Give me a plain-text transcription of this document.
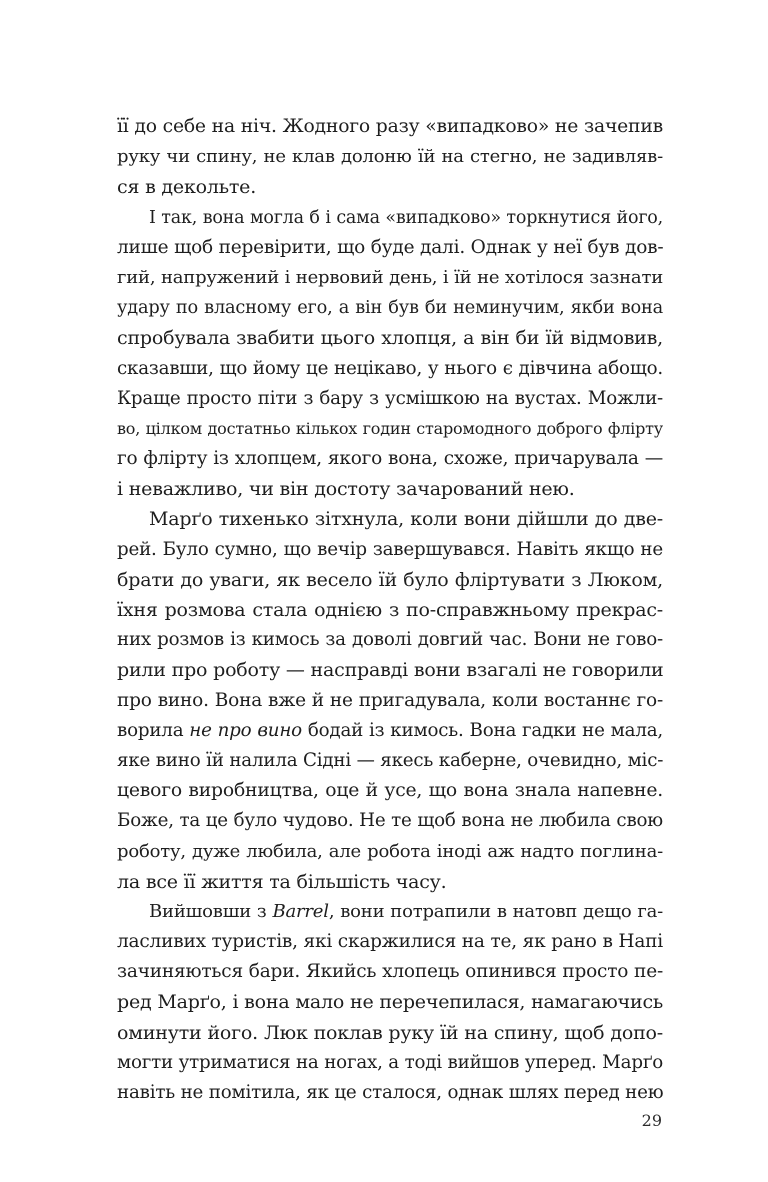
її до себе на ніч. Жодного разу «випадково» не зачепив
руку чи спину, не клав долоню їй на стегно, не задивляв-
ся в декольте.
І так, вона могла б і сама «випадково» торкнутися його,
лише щоб перевірити, що буде далі. Однак у неї був дов-
гий, напружений і нервовий день, і їй не хотілося зазнати
удару по власному его, а він був би неминучим, якби вона
спробувала звабити цього хлопця, а він би їй відмовив,
сказавши, що йому це нецікаво, у нього є дівчина абощо.
Краще просто піти з бару з усмішкою на вустах. Можли-
во, цілком достатньо кількох годин старомодного доброго флірту
го флірту із хлопцем, якого вона, схоже, причарувала —
і неважливо, чи він достоту зачарований нею.
Марґо тихенько зітхнула, коли вони дійшли до две-
рей. Було сумно, що вечір завершувався. Навіть якщо не
брати до уваги, як весело їй було фліртувати з Люком,
їхня розмова стала однією з по-справжньому прекрас-
них розмов із кимось за доволі довгий час. Вони не гово-
рили про роботу — насправді вони взагалі не говорили
про вино. Вона вже й не пригадувала, коли востаннє го-
ворила не про вино бодай із кимось. Вона гадки не мала,
яке вино їй налила Сідні — якесь каберне, очевидно, міс-
цевого виробництва, оце й усе, що вона знала напевне.
Боже, та це було чудово. Не те щоб вона не любила свою
роботу, дуже любила, але робота іноді аж надто поглина-
ла все її життя та більшість часу.
Вийшовши з Barrel, вони потрапили в натовп дещо га-
ласливих туристів, які скаржилися на те, як рано в Напі
зачиняються бари. Якийсь хлопець опинився просто пе-
ред Марґо, і вона мало не перечепилася, намагаючись
оминути його. Люк поклав руку їй на спину, щоб допо-
могти утриматися на ногах, а тоді вийшов уперед. Марґо
навіть не помітила, як це сталося, однак шлях перед нею
29
